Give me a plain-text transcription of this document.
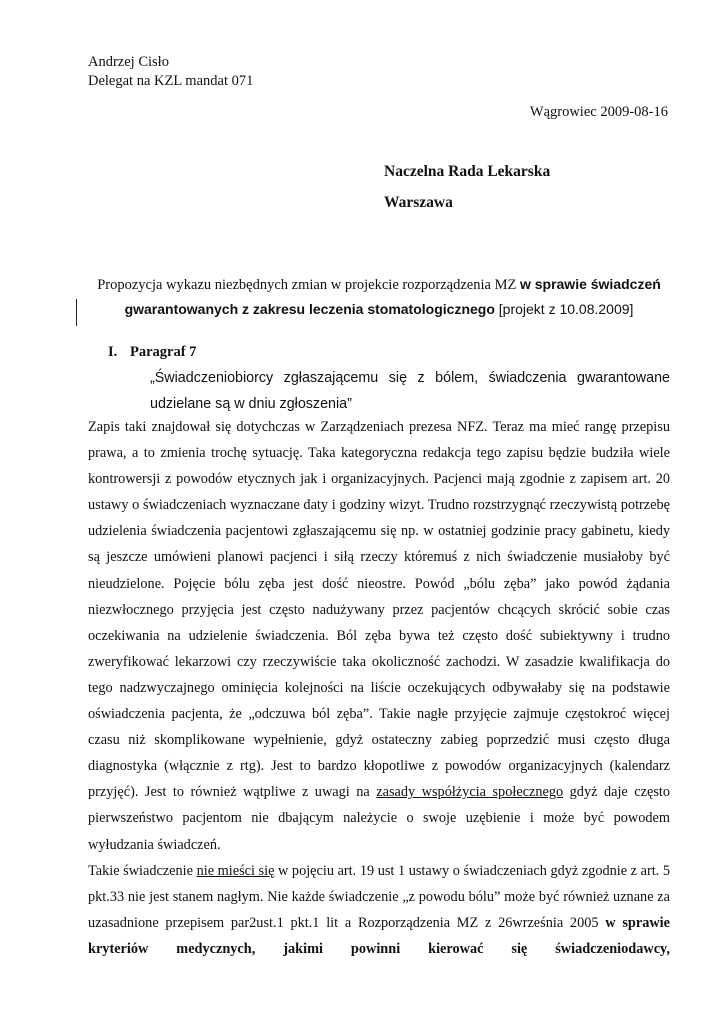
Andrzej Cisło
Delegat na KZL mandat 071
Wągrowiec 2009-08-16
Naczelna Rada Lekarska
Warszawa
Propozycja wykazu niezbędnych zmian w projekcie rozporządzenia MZ w sprawie świadczeń
gwarantowanych z zakresu leczenia stomatologicznego [projekt z 10.08.2009]
I. Paragraf 7
„Świadczeniobiorcy zgłaszającemu się z bólem, świadczenia gwarantowane
udzielane są w dniu zgłoszenia”

Zapis taki znajdował się dotychczas w Zarządzeniach prezesa NFZ. Teraz ma mieć rangę przepisu prawa, a to zmienia trochę sytuację. Taka kategoryczna redakcja tego zapisu będzie budziła wiele kontrowersji z powodów etycznych jak i organizacyjnych. Pacjenci mają zgodnie z zapisem art. 20 ustawy o świadczeniach wyznaczane daty i godziny wizyt. Trudno rozstrzygnąć rzeczywistą potrzebę udzielenia świadczenia pacjentowi zgłaszającemu się np. w ostatniej godzinie pracy gabinetu, kiedy są jeszcze umówieni planowi pacjenci i siłą rzeczy któremuś z nich świadczenie musiałoby być nieudzielone. Pojęcie bólu zęba jest dość nieostre. Powód „bólu zęba” jako powód żądania niezwłocznego przyjęcia jest często nadużywany przez pacjentów chcących skrócić sobie czas oczekiwania na udzielenie świadczenia. Ból zęba bywa też często dość subiektywny i trudno zweryfikować lekarzowi czy rzeczywiście taka okoliczność zachodzi. W zasadzie kwalifikacja do tego nadzwyczajnego ominięcia kolejności na liście oczekujących odbywałaby się na podstawie oświadczenia pacjenta, że „odczuwa ból zęba”. Takie nagłe przyjęcie zajmuje częstokroć więcej czasu niż skomplikowane wypełnienie, gdyż ostateczny zabieg poprzedzić musi często długa diagnostyka (włącznie z rtg). Jest to bardzo kłopotliwe z powodów organizacyjnych (kalendarz przyjęć). Jest to również wątpliwe z uwagi na zasady współżycia społecznego gdyż daje często pierwszeństwo pacjentom nie dbającym należycie o swoje uzębienie i może być powodem wyłudzania świadczeń.

Takie świadczenie nie mieści się w pojęciu art. 19 ust 1 ustawy o świadczeniach gdyż zgodnie z art. 5 pkt.33 nie jest stanem nagłym. Nie każde świadczenie „z powodu bólu” może być również uznane za uzasadnione przepisem par2ust.1 pkt.1 lit a Rozporządzenia MZ z 26września 2005 w sprawie kryteriów medycznych, jakimi powinni kierować się świadczeniodawcy,
